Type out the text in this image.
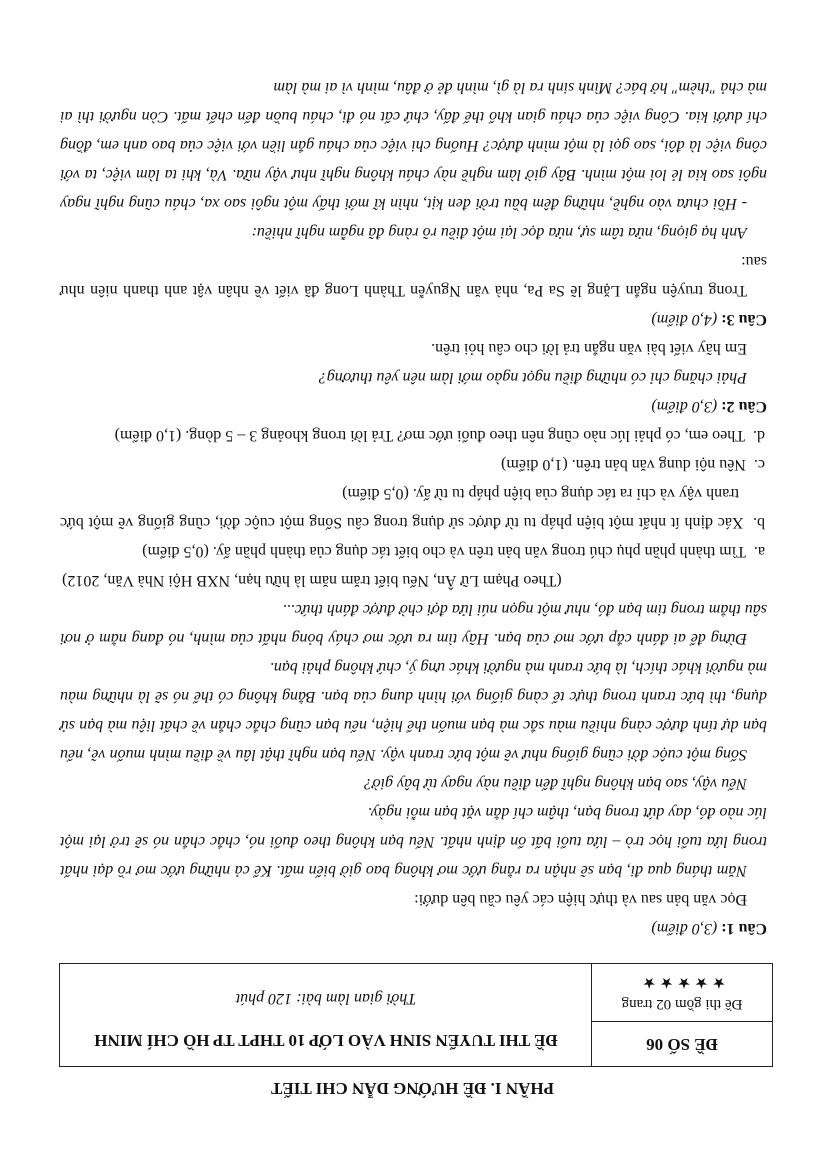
PHẦN I. ĐỀ HƯỚNG DẪN CHI TIẾT
ĐỀ SỐ 06
Đề thi gồm 02 trang
★★★★★
ĐỀ THI TUYỂN SINH VÀO LỚP 10 THPT TP HỒ CHÍ MINH
Thời gian làm bài: 120 phút

Câu 1: (3,0 điểm)

Đọc văn bản sau và thực hiện các yêu cầu bên dưới:

Năm tháng qua đi, bạn sẽ nhận ra rằng ước mơ không bao giờ biến mất. Kể cả những ước mơ rồ dại nhất trong lứa tuổi học trò – lứa tuổi bất ổn định nhất. Nếu bạn không theo đuổi nó, chắc chắn nó sẽ trở lại một lúc nào đó, day dứt trong bạn, thậm chí dằn vặt bạn mỗi ngày.

Nếu vậy, sao bạn không nghĩ đến điều này ngay từ bây giờ?

Sống một cuộc đời cũng giống như vẽ một bức tranh vậy. Nếu bạn nghĩ thật lâu về điều mình muốn vẽ, nếu bạn dự tính được càng nhiều màu sắc mà bạn muốn thể hiện, nếu bạn cũng chắc chắn về chất liệu mà bạn sử dụng, thì bức tranh trong thực tế càng giống với hình dung của bạn. Bằng không có thể nó sẽ là những màu mà người khác thích, là bức tranh mà người khác ưng ý, chứ không phải bạn.

Đừng để ai đánh cắp ước mơ của bạn. Hãy tìm ra ước mơ cháy bỏng nhất của mình, nó đang nằm ở nơi sâu thẳm trong tim bạn đó, như một ngọn núi lửa đợi chờ được đánh thức...

(Theo Phạm Lữ Ân, Nếu biết trăm năm là hữu hạn, NXB Hội Nhà Văn, 2012)

a.  Tìm thành phần phụ chú trong văn bản trên và cho biết tác dụng của thành phần ấy. (0,5 điểm)

b.  Xác định ít nhất một biện pháp tu từ được sử dụng trong câu Sống một cuộc đời, cũng giống vẽ một bức tranh vậy và chỉ ra tác dụng của biện pháp tu từ ấy. (0,5 điểm)

c.  Nêu nội dung văn bản trên. (1,0 điểm)

d.  Theo em, có phải lúc nào cũng nên theo đuổi ước mơ? Trả lời trong khoảng 3 – 5 dòng. (1,0 điểm)

Câu 2: (3,0 điểm)

Phải chăng chỉ có những điều ngọt ngào mới làm nên yêu thương?

Em hãy viết bài văn ngắn trả lời cho câu hỏi trên.

Câu 3: (4,0 điểm)

Trong truyện ngắn Lặng lẽ Sa Pa, nhà văn Nguyễn Thành Long đã viết về nhân vật anh thanh niên như sau:

Anh hạ giọng, nửa tâm sự, nửa đọc lại một điều rõ ràng đã ngẫm nghĩ nhiều:

- Hồi chưa vào nghề, những đêm bầu trời đen kịt, nhìn kĩ mới thấy một ngôi sao xa, cháu cũng nghĩ ngay ngôi sao kia lẻ loi một mình. Bây giờ làm nghề này cháu không nghĩ như vậy nữa. Và, khi ta làm việc, ta với công việc là đôi, sao gọi là một mình được? Huống chi việc của cháu gắn liền với việc của bao anh em, đồng chí dưới kia. Công việc của cháu gian khổ thế đấy, chứ cất nó đi, cháu buồn đến chết mất. Còn người thì ai mà chả "thèm" hở bác? Mình sinh ra là gì, mình đẻ ở đâu, mình vì ai mà làm
